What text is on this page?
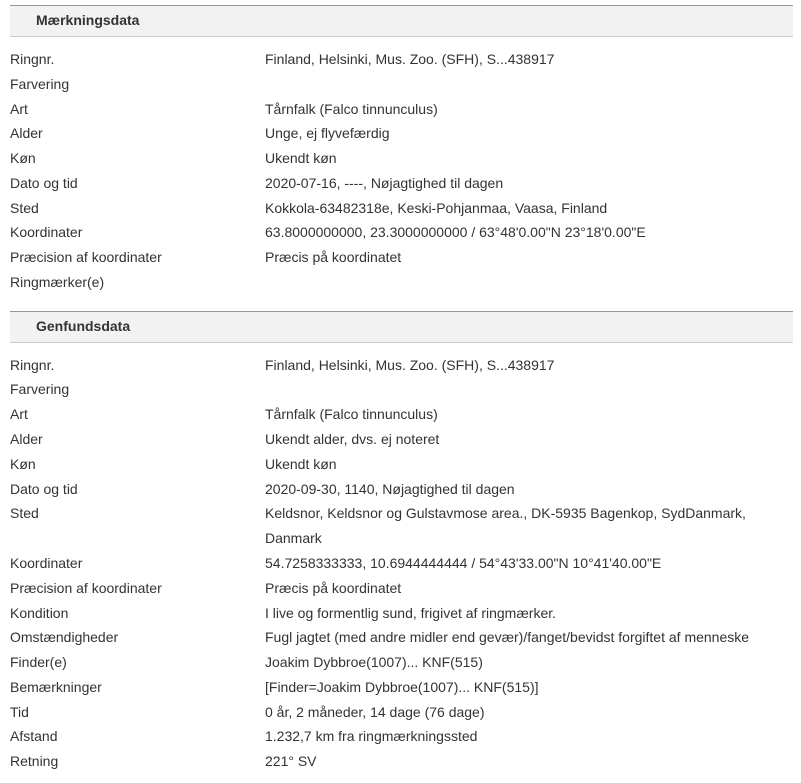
Mærkningsdata
Ringnr.	Finland, Helsinki, Mus. Zoo. (SFH), S...438917
Farvering
Art	Tårnfalk (Falco tinnunculus)
Alder	Unge, ej flyvefærdig
Køn	Ukendt køn
Dato og tid	2020-07-16, ----, Nøjagtighed til dagen
Sted	Kokkola-63482318e, Keski-Pohjanmaa, Vaasa, Finland
Koordinater	63.8000000000, 23.3000000000 / 63°48'0.00"N 23°18'0.00"E
Præcision af koordinater	Præcis på koordinatet
Ringmærker(e)
Genfundsdata
Ringnr.	Finland, Helsinki, Mus. Zoo. (SFH), S...438917
Farvering
Art	Tårnfalk (Falco tinnunculus)
Alder	Ukendt alder, dvs. ej noteret
Køn	Ukendt køn
Dato og tid	2020-09-30, 1140, Nøjagtighed til dagen
Sted	Keldsnor, Keldsnor og Gulstavmose area., DK-5935 Bagenkop, SydDanmark, Danmark
Koordinater	54.7258333333, 10.6944444444 / 54°43'33.00"N 10°41'40.00"E
Præcision af koordinater	Præcis på koordinatet
Kondition	I live og formentlig sund, frigivet af ringmærker.
Omstændigheder	Fugl jagtet (med andre midler end gevær)/fanget/bevidst forgiftet af menneske
Finder(e)	Joakim Dybbroe(1007)... KNF(515)
Bemærkninger	[Finder=Joakim Dybbroe(1007)... KNF(515)]
Tid	0 år, 2 måneder, 14 dage (76 dage)
Afstand	1.232,7 km fra ringmærkningssted
Retning	221° SV
